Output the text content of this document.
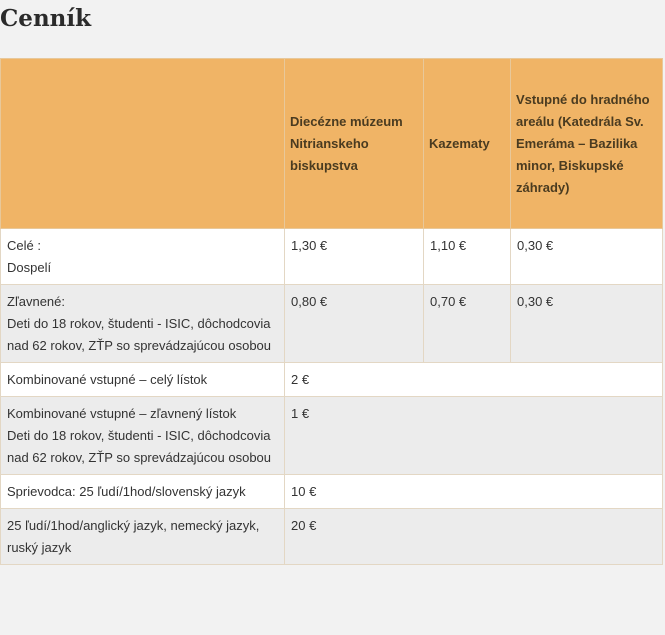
Cenník
	Diecézne múzeum Nitrianskeho biskupstva	Kazematy	Vstupné do hradného areálu (Katedrála Sv. Emeráma – Bazilika minor, Biskupské záhrady)

Celé :
Dospelí	1,30 €	1,10 €	0,30 €

Zľavnené:
Deti do 18 rokov, študenti - ISIC, dôchodcovia nad 62 rokov, ZŤP so sprevádzajúcou osobou	0,80 €	0,70 €	0,30 €

Kombinované vstupné – celý lístok	2 €		

Kombinované vstupné – zľavnený lístok
Deti do 18 rokov, študenti - ISIC, dôchodcovia nad 62 rokov, ZŤP so sprevádzajúcou osobou	1 €		

Sprievodca: 25 ľudí/1hod/slovenský jazyk	10 €		

25 ľudí/1hod/anglický jazyk, nemecký jazyk, ruský jazyk	20 €		
